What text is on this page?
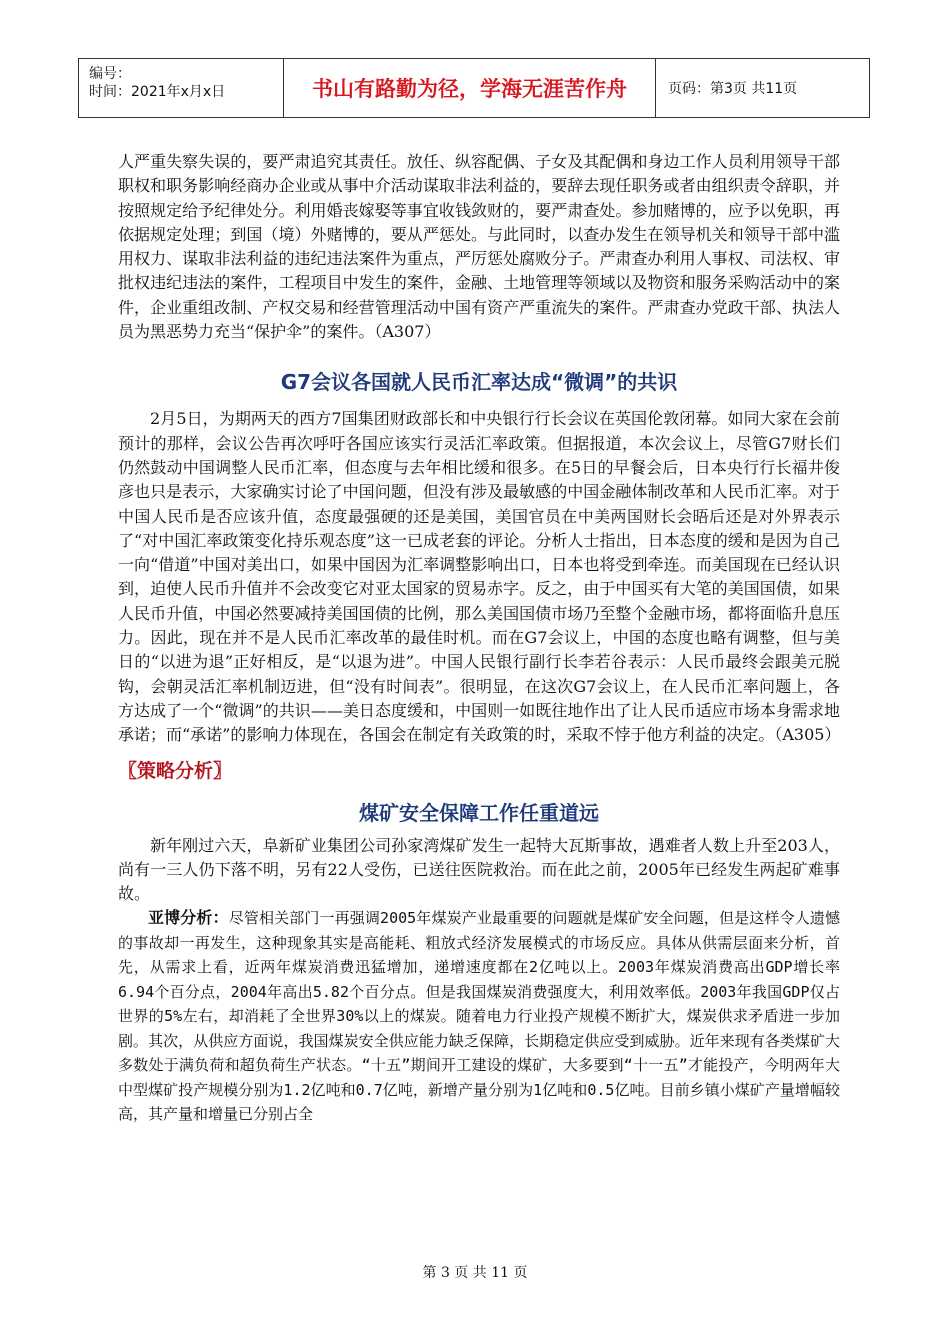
编号：
时间：2021年x月x日	书山有路勤为径，学海无涯苦作舟	页码：第3页 共11页

人严重失察失误的，要严肃追究其责任。放任、纵容配偶、子女及其配偶和身边工作人员利用领导干部职权和职务影响经商办企业或从事中介活动谋取非法利益的，要辞去现任职务或者由组织责令辞职，并按照规定给予纪律处分。利用婚丧嫁娶等事宜收钱敛财的，要严肃查处。参加赌博的，应予以免职，再依据规定处理；到国（境）外赌博的，要从严惩处。与此同时，以查办发生在领导机关和领导干部中滥用权力、谋取非法利益的违纪违法案件为重点，严厉惩处腐败分子。严肃查办利用人事权、司法权、审批权违纪违法的案件，工程项目中发生的案件，金融、土地管理等领域以及物资和服务采购活动中的案件，企业重组改制、产权交易和经营管理活动中国有资产严重流失的案件。严肃查办党政干部、执法人员为黑恶势力充当“保护伞”的案件。（A307）

G7会议各国就人民币汇率达成“微调”的共识

2月5日，为期两天的西方7国集团财政部长和中央银行行长会议在英国伦敦闭幕。如同大家在会前预计的那样，会议公告再次呼吁各国应该实行灵活汇率政策。但据报道，本次会议上，尽管G7财长们仍然鼓动中国调整人民币汇率，但态度与去年相比缓和很多。在5日的早餐会后，日本央行行长福井俊彦也只是表示，大家确实讨论了中国问题，但没有涉及最敏感的中国金融体制改革和人民币汇率。对于中国人民币是否应该升值，态度最强硬的还是美国，美国官员在中美两国财长会晤后还是对外界表示了“对中国汇率政策变化持乐观态度”这一已成老套的评论。分析人士指出，日本态度的缓和是因为自己一向“借道”中国对美出口，如果中国因为汇率调整影响出口，日本也将受到牵连。而美国现在已经认识到，迫使人民币升值并不会改变它对亚太国家的贸易赤字。反之，由于中国买有大笔的美国国债，如果人民币升值，中国必然要减持美国国债的比例，那么美国国债市场乃至整个金融市场，都将面临升息压力。因此，现在并不是人民币汇率改革的最佳时机。而在G7会议上，中国的态度也略有调整，但与美日的“以进为退”正好相反，是“以退为进”。中国人民银行副行长李若谷表示：人民币最终会跟美元脱钩，会朝灵活汇率机制迈进，但“没有时间表”。很明显，在这次G7会议上，在人民币汇率问题上，各方达成了一个“微调”的共识——美日态度缓和，中国则一如既往地作出了让人民币适应市场本身需求地承诺；而“承诺”的影响力体现在，各国会在制定有关政策的时，采取不悖于他方利益的决定。（A305）

〖策略分析〗
煤矿安全保障工作任重道远

新年刚过六天，阜新矿业集团公司孙家湾煤矿发生一起特大瓦斯事故，遇难者人数上升至203人，尚有一三人仍下落不明，另有22人受伤，已送往医院救治。而在此之前，2005年已经发生两起矿难事故。

亚博分析：尽管相关部门一再强调2005年煤炭产业最重要的问题就是煤矿安全问题，但是这样令人遗憾的事故却一再发生，这种现象其实是高能耗、粗放式经济发展模式的市场反应。具体从供需层面来分析，首先，从需求上看，近两年煤炭消费迅猛增加，递增速度都在2亿吨以上。2003年煤炭消费高出GDP增长率6.94个百分点，2004年高出5.82个百分点。但是我国煤炭消费强度大，利用效率低。2003年我国GDP仅占世界的5%左右，却消耗了全世界30%以上的煤炭。随着电力行业投产规模不断扩大，煤炭供求矛盾进一步加剧。其次，从供应方面说，我国煤炭安全供应能力缺乏保障，长期稳定供应受到威胁。近年来现有各类煤矿大多数处于满负荷和超负荷生产状态。“十五”期间开工建设的煤矿，大多要到“十一五”才能投产，今明两年大中型煤矿投产规模分别为1.2亿吨和0.7亿吨，新增产量分别为1亿吨和0.5亿吨。目前乡镇小煤矿产量增幅较高，其产量和增量已分别占全

第 3 页 共 11 页
